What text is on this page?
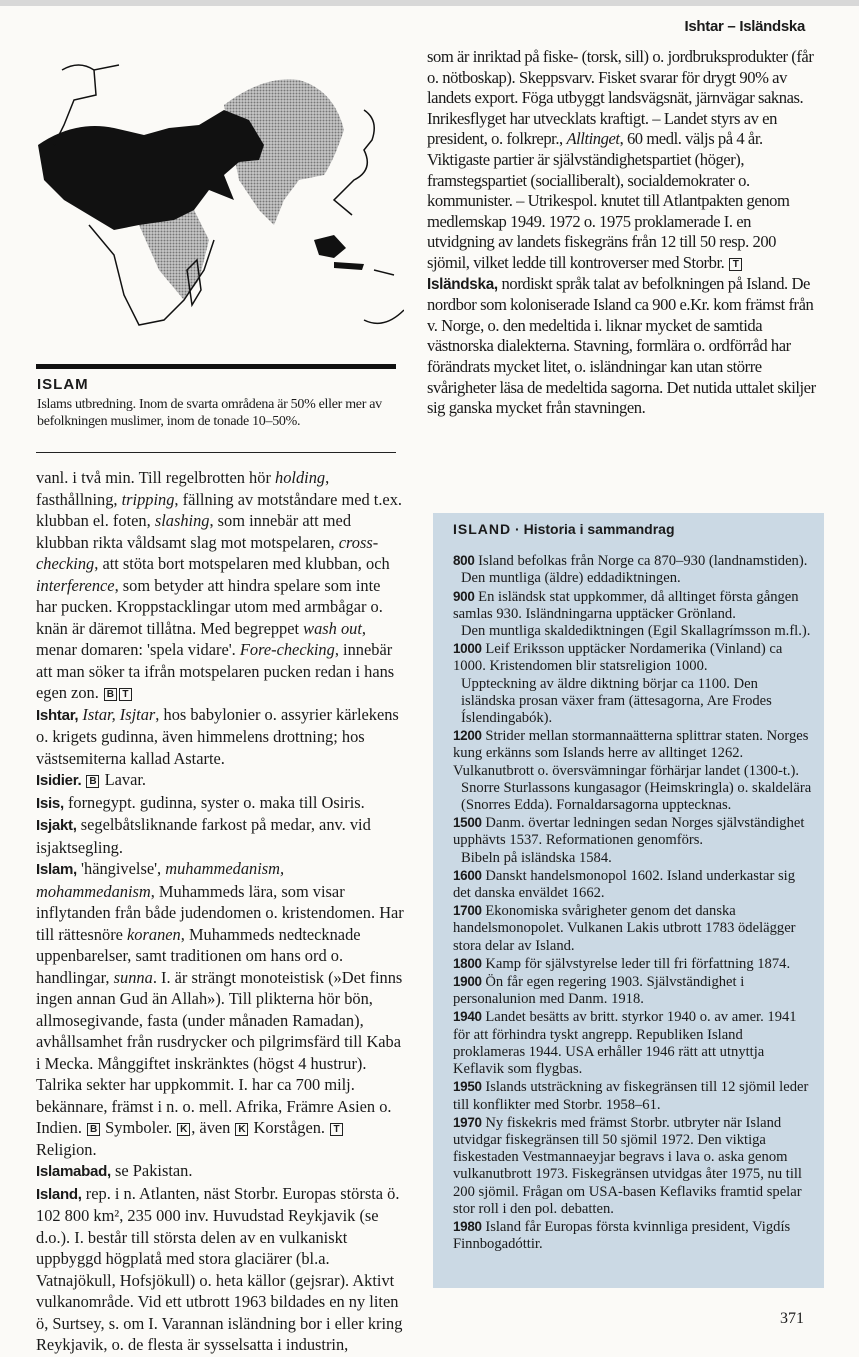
Ishtar – Isländska
ISLAM
Islams utbredning. Inom de svarta områdena är 50% eller mer av befolkningen muslimer, inom de tonade 10–50%.

som är inriktad på fiske- (torsk, sill) o. jordbruksprodukter (får o. nötboskap). Skeppsvarv. Fisket svarar för drygt 90% av landets export. Föga utbyggt landsvägsnät, järnvägar saknas. Inrikesflyget har utvecklats kraftigt. – Landet styrs av en president, o. folkrepr., Alltinget, 60 medl. väljs på 4 år. Viktigaste partier är självständighetspartiet (höger), framstegspartiet (socialliberalt), socialdemokrater o. kommunister. – Utrikespol. knutet till Atlantpakten genom medlemskap 1949. 1972 o. 1975 proklamerade I. en utvidgning av landets fiskegräns från 12 till 50 resp. 200 sjömil, vilket ledde till kontroverser med Storbr. T

Isländska, nordiskt språk talat av befolkningen på Island. De nordbor som koloniserade Island ca 900 e.Kr. kom främst från v. Norge, o. den medeltida i. liknar mycket de samtida västnorska dialekterna. Stavning, formlära o. ordförråd har förändrats mycket litet, o. isländningar kan utan större svårigheter läsa de medeltida sagorna. Det nutida uttalet skiljer sig ganska mycket från stavningen.

vanl. i två min. Till regelbrotten hör holding, fasthållning, tripping, fällning av motståndare med t.ex. klubban el. foten, slashing, som innebär att med klubban rikta våldsamt slag mot motspelaren, cross-checking, att stöta bort motspelaren med klubban, och interference, som betyder att hindra spelare som inte har pucken. Kroppstacklingar utom med armbågar o. knän är däremot tillåtna. Med begreppet wash out, menar domaren: 'spela vidare'. Fore-checking, innebär att man söker ta ifrån motspelaren pucken redan i hans egen zon. B T

Ishtar, Istar, Isjtar, hos babylonier o. assyrier kärlekens o. krigets gudinna, även himmelens drottning; hos västsemiterna kallad Astarte.

Isidier. B Lavar.

Isis, fornegypt. gudinna, syster o. maka till Osiris.

Isjakt, segelbåtsliknande farkost på medar, anv. vid isjaktsegling.

Islam, 'hängivelse', muhammedanism, mohammedanism, Muhammeds lära, som visar inflytanden från både judendomen o. kristendomen. Har till rättesnöre koranen, Muhammeds nedtecknade uppenbarelser, samt traditionen om hans ord o. handlingar, sunna. I. är strängt monoteistisk (»Det finns ingen annan Gud än Allah»). Till plikterna hör bön, allmosegivande, fasta (under månaden Ramadan), avhållsamhet från rusdrycker och pilgrimsfärd till Kaba i Mecka. Månggiftet inskränktes (högst 4 hustrur). Talrika sekter har uppkommit. I. har ca 700 milj. bekännare, främst i n. o. mell. Afrika, Främre Asien o. Indien. B Symboler. K , även K Korstågen. T Religion.

Islamabad, se Pakistan.

Island, rep. i n. Atlanten, näst Storbr. Europas största ö. 102 800 km², 235 000 inv. Huvudstad Reykjavik (se d.o.). I. består till största delen av en vulkaniskt uppbyggd högplatå med stora glaciärer (bl.a. Vatnajökull, Hofsjökull) o. heta källor (gejsrar). Aktivt vulkanområde. Vid ett utbrott 1963 bildades en ny liten ö, Surtsey, s. om I. Varannan isländning bor i eller kring Reykjavik, o. de flesta är sysselsatta i industrin,

ISLAND · Historia i sammandrag

800 Island befolkas från Norge ca 870–930 (landnamstiden).

Den muntliga (äldre) eddadiktningen.

900 En isländsk stat uppkommer, då alltinget första gången samlas 930. Isländningarna upptäcker Grönland.

Den muntliga skaldediktningen (Egil Skallagrímsson m.fl.).

1000 Leif Eriksson upptäcker Nordamerika (Vinland) ca 1000. Kristendomen blir statsreligion 1000.

Uppteckning av äldre diktning börjar ca 1100. Den isländska prosan växer fram (ättesagorna, Are Frodes Íslendingabók).

1200 Strider mellan stormannaätterna splittrar staten. Norges kung erkänns som Islands herre av alltinget 1262. Vulkanutbrott o. översvämningar förhärjar landet (1300-t.).

Snorre Sturlassons kungasagor (Heimskringla) o. skaldelära (Snorres Edda). Fornaldarsagorna upptecknas.

1500 Danm. övertar ledningen sedan Norges självständighet upphävts 1537. Reformationen genomförs.

Bibeln på isländska 1584.

1600 Danskt handelsmonopol 1602. Island underkastar sig det danska enväldet 1662.

1700 Ekonomiska svårigheter genom det danska handelsmonopolet. Vulkanen Lakis utbrott 1783 ödelägger stora delar av Island.

1800 Kamp för självstyrelse leder till fri författning 1874.

1900 Ön får egen regering 1903. Självständighet i personalunion med Danm. 1918.

1940 Landet besätts av britt. styrkor 1940 o. av amer. 1941 för att förhindra tyskt angrepp. Republiken Island proklameras 1944. USA erhåller 1946 rätt att utnyttja Keflavik som flygbas.

1950 Islands utsträckning av fiskegränsen till 12 sjömil leder till konflikter med Storbr. 1958–61.

1970 Ny fiskekris med främst Storbr. utbryter när Island utvidgar fiskegränsen till 50 sjömil 1972. Den viktiga fiskestaden Vestmannaeyjar begravs i lava o. aska genom vulkanutbrott 1973. Fiskegränsen utvidgas åter 1975, nu till 200 sjömil. Frågan om USA-basen Keflaviks framtid spelar stor roll i den pol. debatten.

1980 Island får Europas första kvinnliga president, Vigdís Finnbogadóttir.

371
